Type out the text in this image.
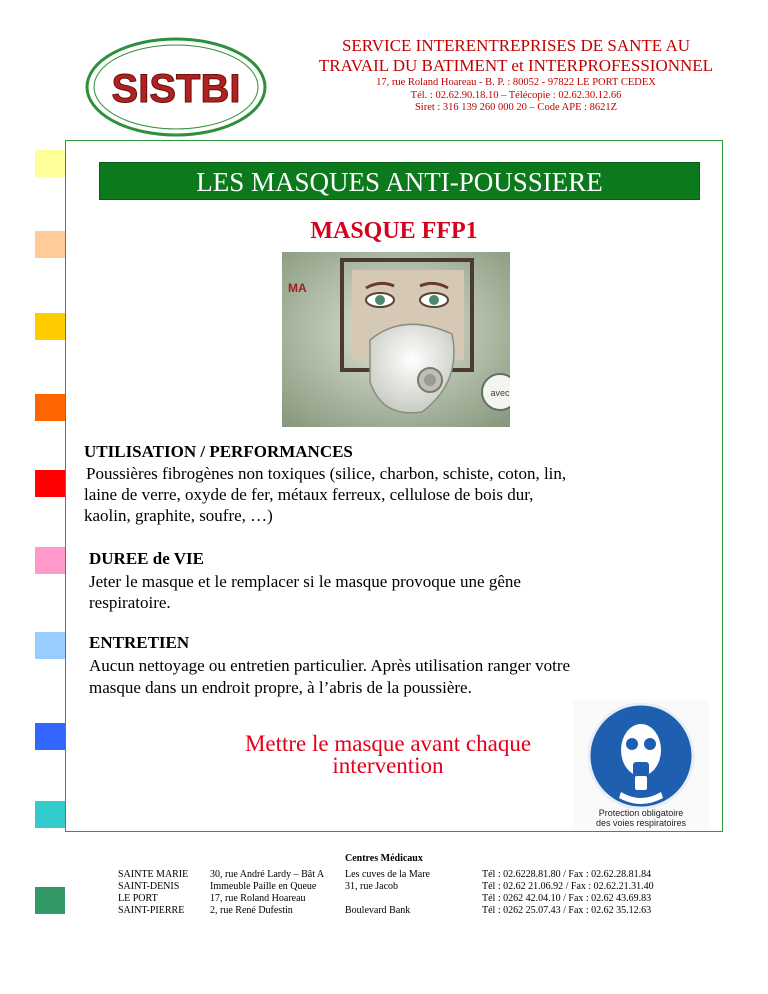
SISTBI
SERVICE INTERENTREPRISES DE SANTE AU
TRAVAIL DU BATIMENT et INTERPROFESSIONNEL
17, rue Roland Hoareau - B. P. : 80052 - 97822 LE PORT CEDEX
Tél. : 02.62.90.18.10 – Télécopie : 02.62.30.12.66
Siret : 316 139 260 000 20 – Code APE : 8621Z
LES MASQUES ANTI-POUSSIERE
MASQUE FFP1
MA
avec
UTILISATION / PERFORMANCES
Poussières fibrogènes non toxiques (silice, charbon, schiste, coton, lin,
laine de verre, oxyde de fer, métaux ferreux, cellulose de bois dur,
kaolin, graphite, soufre, …)
DUREE de VIE
Jeter le masque et le remplacer si le masque provoque une gêne
respiratoire.
ENTRETIEN
Aucun nettoyage ou entretien particulier. Après utilisation ranger votre
masque dans un endroit propre, à l’abris de la poussière.
Mettre le masque avant chaque
intervention
Protection obligatoire
des voies respiratoires
Centres Médicaux
SAINTE MARIE
SAINT-DENIS
LE PORT
SAINT-PIERRE
30, rue André Lardy – Bât A
Immeuble Paille en Queue
17, rue Roland Hoareau
2, rue René Dufestin
Les cuves de la Mare
31, rue Jacob
Boulevard Bank
Tél : 02.6228.81.80 / Fax : 02.62.28.81.84
Tél : 02.62 21.06.92 / Fax : 02.62.21.31.40
Tél : 0262 42.04.10 / Fax : 02.62 43.69.83
Tél : 0262 25.07.43 / Fax : 02.62 35.12.63
